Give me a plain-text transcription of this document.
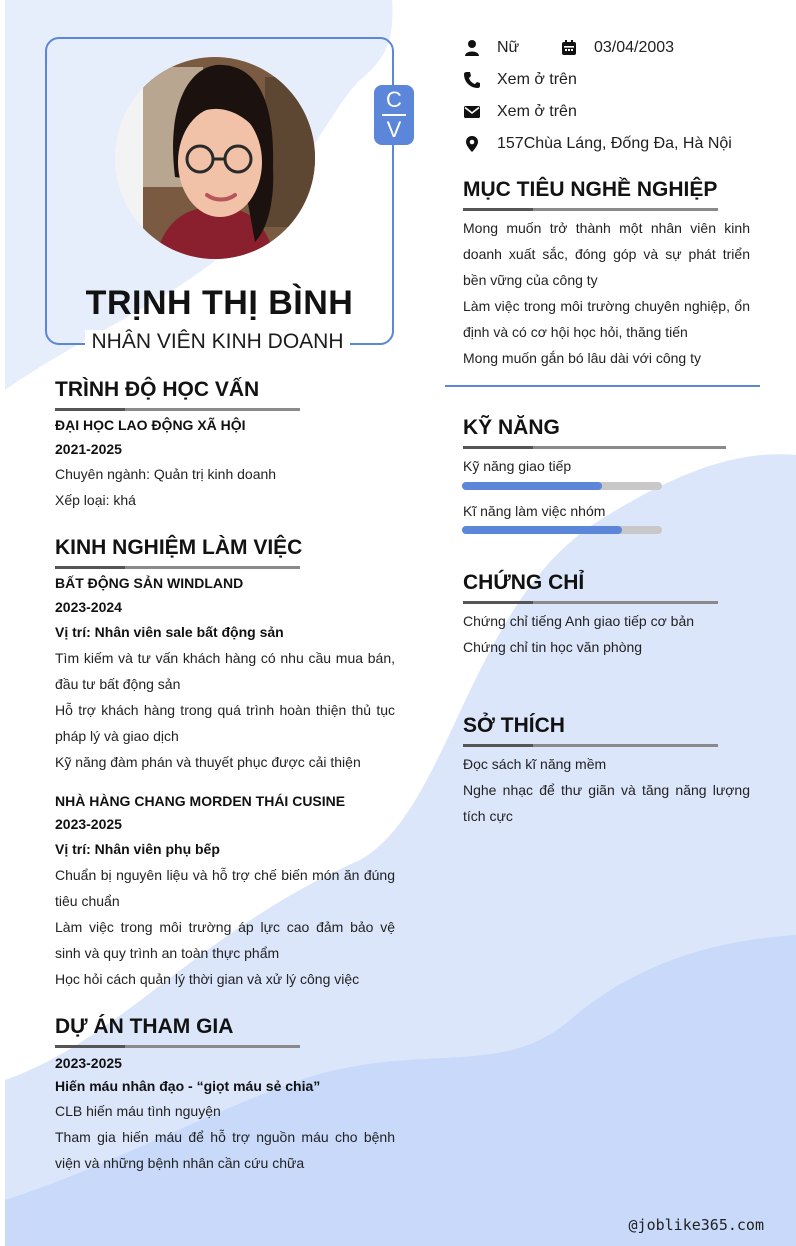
C
V
TRỊNH THỊ BÌNH
NHÂN VIÊN KINH DOANH
Nữ	03/04/2003
Xem ở trên
Xem ở trên
157Chùa Láng, Đống Đa, Hà Nội
MỤC TIÊU NGHỀ NGHIỆP
Mong muốn trở thành một nhân viên kinh doanh xuất sắc, đóng góp và sự phát triển bền vững của công ty
Làm việc trong môi trường chuyên nghiệp, ổn định và có cơ hội học hỏi, thăng tiến
Mong muốn gắn bó lâu dài với công ty
TRÌNH ĐỘ HỌC VẤN
ĐẠI HỌC LAO ĐỘNG XÃ HỘI
2021-2025
Chuyên ngành: Quản trị kinh doanh
Xếp loại: khá
KINH NGHIỆM LÀM VIỆC
BẤT ĐỘNG SẢN WINDLAND
2023-2024
Vị trí: Nhân viên sale bất động sản
Tìm kiếm và tư vấn khách hàng có nhu cầu mua bán, đầu tư bất động sản
Hỗ trợ khách hàng trong quá trình hoàn thiện thủ tục pháp lý và giao dịch
Kỹ năng đàm phán và thuyết phục được cải thiện
NHÀ HÀNG CHANG MORDEN THÁI CUSINE
2023-2025
Vị trí: Nhân viên phụ bếp
Chuẩn bị nguyên liệu và hỗ trợ chế biến món ăn đúng tiêu chuẩn
Làm việc trong môi trường áp lực cao đảm bảo vệ sinh và quy trình an toàn thực phẩm
Học hỏi cách quản lý thời gian và xử lý công việc
DỰ ÁN THAM GIA
2023-2025
Hiến máu nhân đạo - “giọt máu sẻ chia”
CLB hiến máu tình nguyện
Tham gia hiến máu để hỗ trợ nguồn máu cho bệnh viện và những bệnh nhân cần cứu chữa
KỸ NĂNG
Kỹ năng giao tiếp
Kĩ năng làm việc nhóm
CHỨNG CHỈ
Chứng chỉ tiếng Anh giao tiếp cơ bản
Chứng chỉ tin học văn phòng
SỞ THÍCH
Đọc sách kĩ năng mềm
Nghe nhạc để thư giãn và tăng năng lượng tích cực
@joblike365.com
